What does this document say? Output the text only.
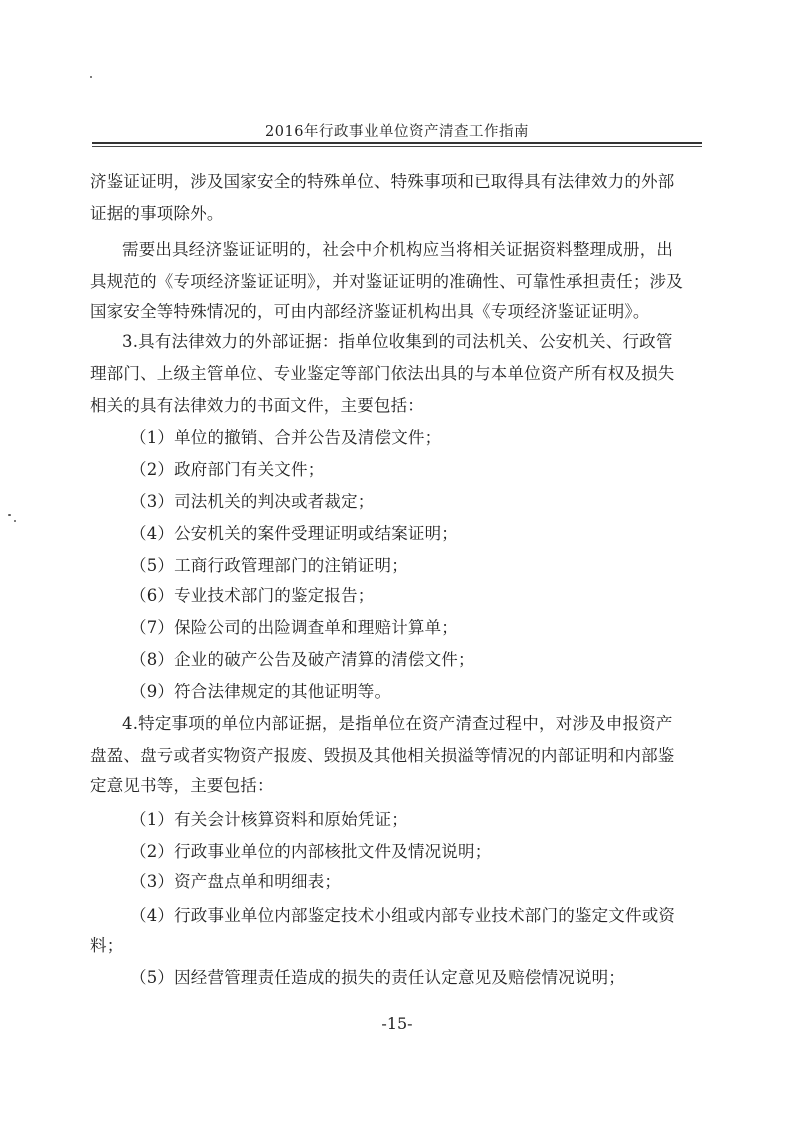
2016年行政事业单位资产清查工作指南
济鉴证证明，涉及国家安全的特殊单位、特殊事项和已取得具有法律效力的外部
证据的事项除外。
需要出具经济鉴证证明的，社会中介机构应当将相关证据资料整理成册，出
具规范的《专项经济鉴证证明》，并对鉴证证明的准确性、可靠性承担责任；涉及
国家安全等特殊情况的，可由内部经济鉴证机构出具《专项经济鉴证证明》。
3.具有法律效力的外部证据：指单位收集到的司法机关、公安机关、行政管
理部门、上级主管单位、专业鉴定等部门依法出具的与本单位资产所有权及损失
相关的具有法律效力的书面文件，主要包括：
（1）单位的撤销、合并公告及清偿文件；
（2）政府部门有关文件；
（3）司法机关的判决或者裁定；
（4）公安机关的案件受理证明或结案证明；
（5）工商行政管理部门的注销证明；
（6）专业技术部门的鉴定报告；
（7）保险公司的出险调查单和理赔计算单；
（8）企业的破产公告及破产清算的清偿文件；
（9）符合法律规定的其他证明等。
4.特定事项的单位内部证据，是指单位在资产清查过程中，对涉及申报资产
盘盈、盘亏或者实物资产报废、毁损及其他相关损溢等情况的内部证明和内部鉴
定意见书等，主要包括：
（1）有关会计核算资料和原始凭证；
（2）行政事业单位的内部核批文件及情况说明；
（3）资产盘点单和明细表；
（4）行政事业单位内部鉴定技术小组或内部专业技术部门的鉴定文件或资
料；
（5）因经营管理责任造成的损失的责任认定意见及赔偿情况说明；
-15-
